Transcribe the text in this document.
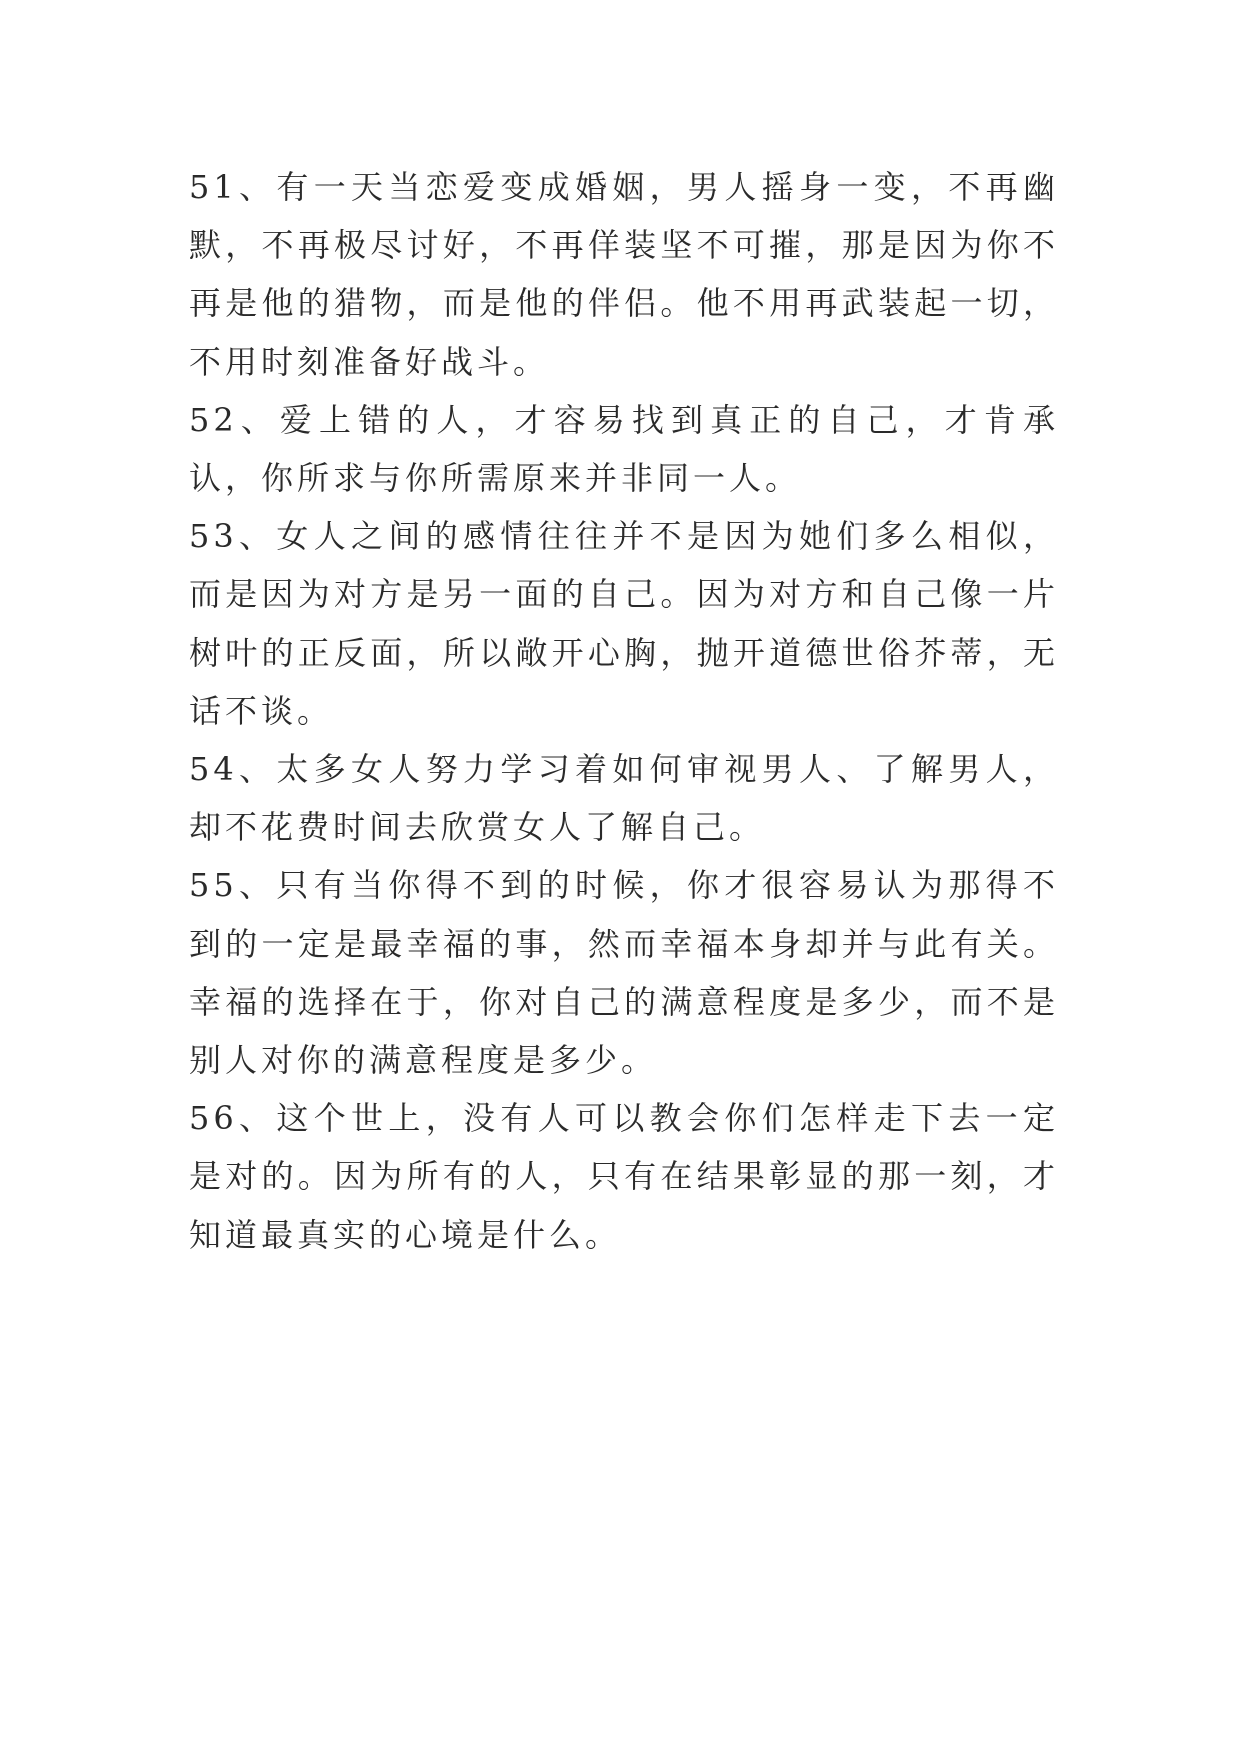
51、有一天当恋爱变成婚姻，男人摇身一变，不再幽默，不再极尽讨好，不再佯装坚不可摧，那是因为你不再是他的猎物，而是他的伴侣。他不用再武装起一切，不用时刻准备好战斗。

52、爱上错的人，才容易找到真正的自己，才肯承认，你所求与你所需原来并非同一人。

53、女人之间的感情往往并不是因为她们多么相似，而是因为对方是另一面的自己。因为对方和自己像一片树叶的正反面，所以敞开心胸，抛开道德世俗芥蒂，无话不谈。

54、太多女人努力学习着如何审视男人、了解男人，却不花费时间去欣赏女人了解自己。

55、只有当你得不到的时候，你才很容易认为那得不到的一定是最幸福的事，然而幸福本身却并与此有关。幸福的选择在于，你对自己的满意程度是多少，而不是别人对你的满意程度是多少。

56、这个世上，没有人可以教会你们怎样走下去一定是对的。因为所有的人，只有在结果彰显的那一刻，才知道最真实的心境是什么。
